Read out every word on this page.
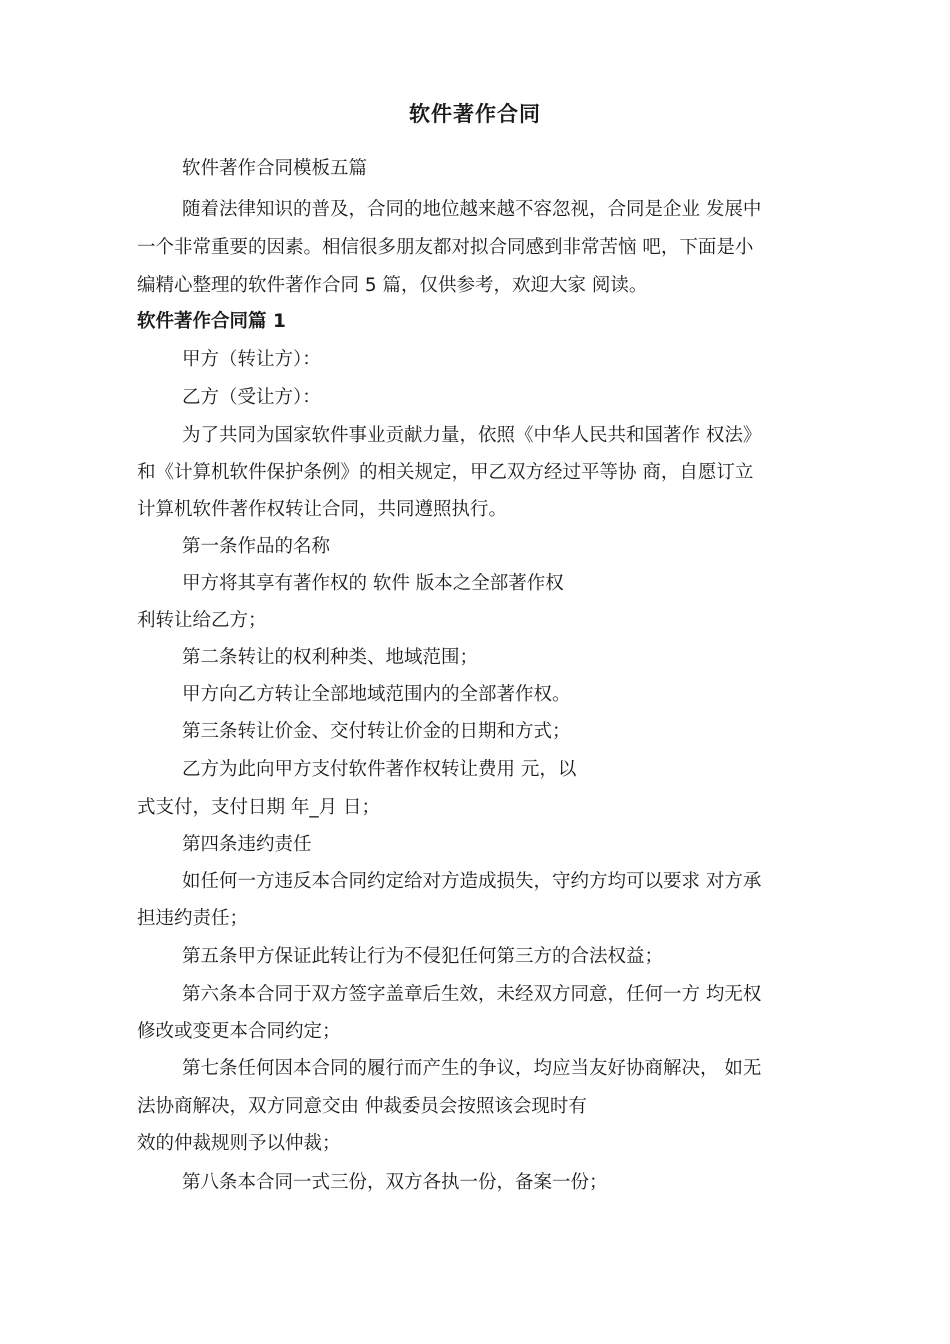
软件著作合同
软件著作合同模板五篇
随着法律知识的普及，合同的地位越来越不容忽视，合同是企业 发展中
一个非常重要的因素。相信很多朋友都对拟合同感到非常苦恼 吧，下面是小
编精心整理的软件著作合同 5 篇，仅供参考，欢迎大家 阅读。
软件著作合同篇 1
甲方（转让方）：
乙方（受让方）：
为了共同为国家软件事业贡献力量，依照《中华人民共和国著作 权法》
和《计算机软件保护条例》的相关规定，甲乙双方经过平等协 商，自愿订立
计算机软件著作权转让合同，共同遵照执行。
第一条作品的名称
甲方将其享有著作权的 软件 版本之全部著作权
利转让给乙方；
第二条转让的权利种类、地域范围；
甲方向乙方转让全部地域范围内的全部著作权。
第三条转让价金、交付转让价金的日期和方式；
乙方为此向甲方支付软件著作权转让费用 元，以
式支付，支付日期 年_月 日；
第四条违约责任
如任何一方违反本合同约定给对方造成损失，守约方均可以要求 对方承
担违约责任；
第五条甲方保证此转让行为不侵犯任何第三方的合法权益；
第六条本合同于双方签字盖章后生效，未经双方同意，任何一方 均无权
修改或变更本合同约定；
第七条任何因本合同的履行而产生的争议，均应当友好协商解决， 如无
法协商解决，双方同意交由 仲裁委员会按照该会现时有
效的仲裁规则予以仲裁；
第八条本合同一式三份，双方各执一份，备案一份；
